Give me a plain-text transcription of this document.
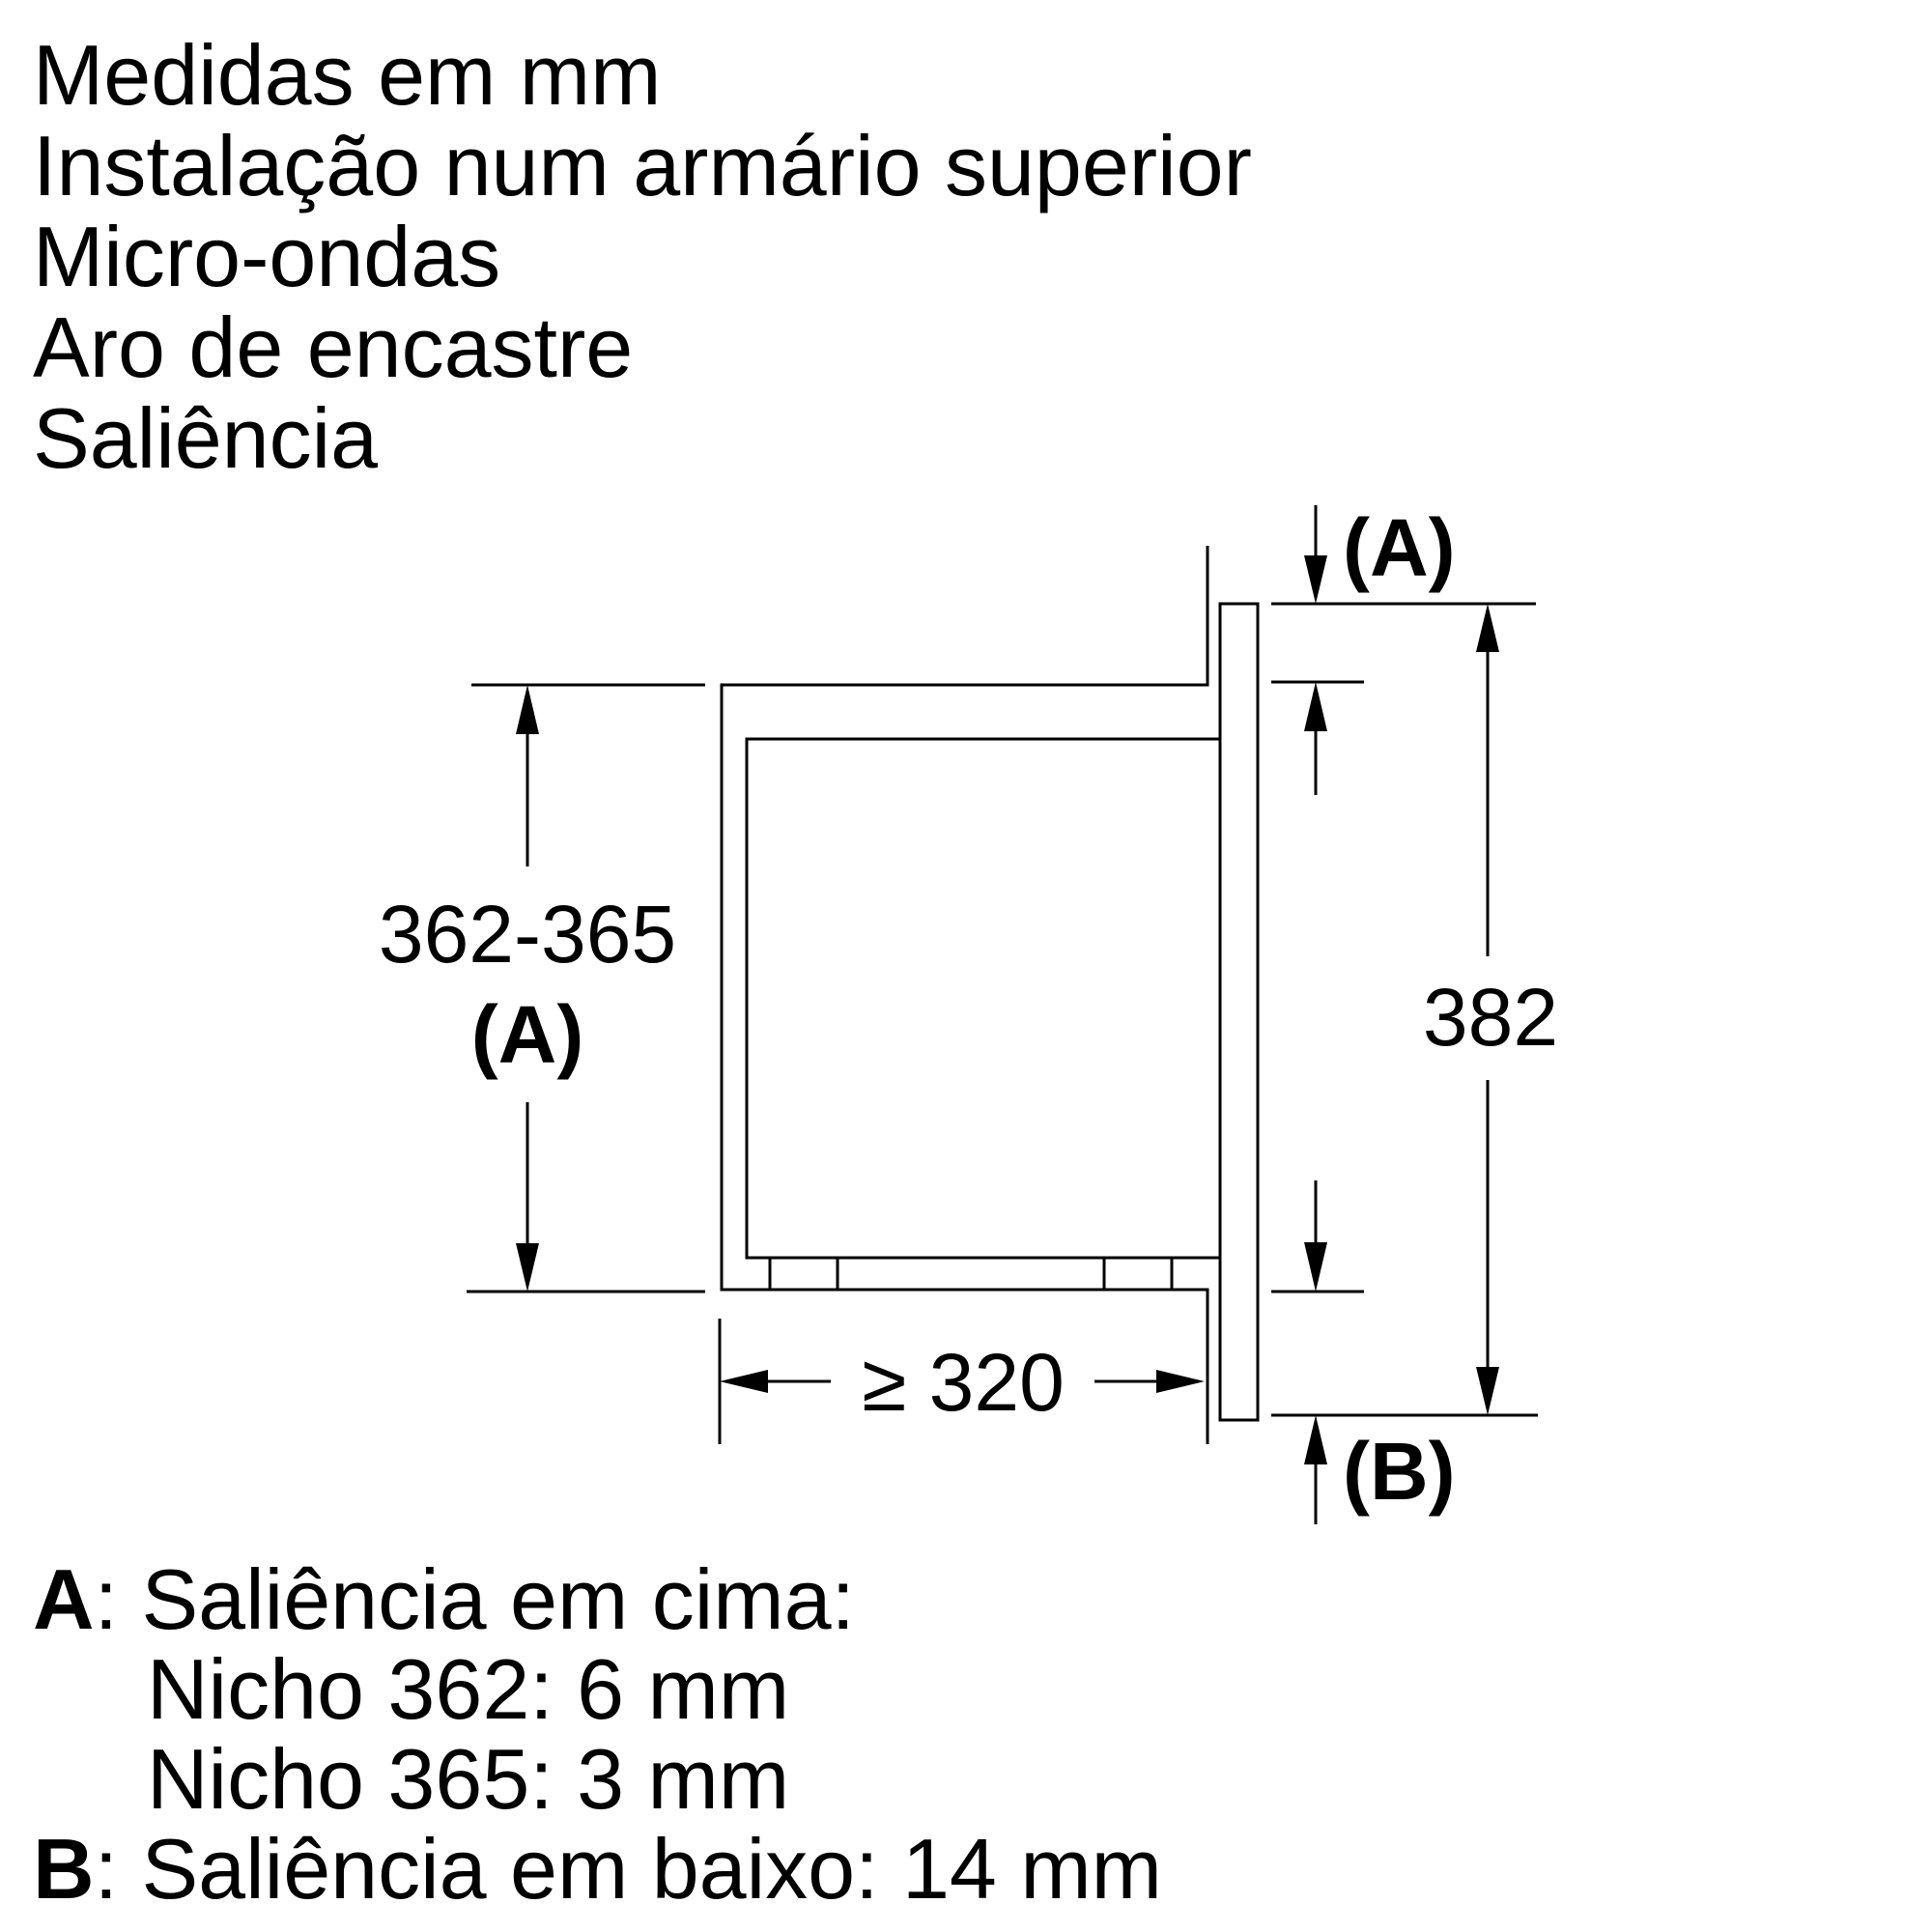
Medidas em mm
Instalação num armário superior
Micro-ondas
Aro de encastre
Saliência
362-365
(A)	382
≥ 320
(A)
(B)
A: Saliência em cima:
Nicho 362: 6 mm
Nicho 365: 3 mm
B: Saliência em baixo: 14 mm
